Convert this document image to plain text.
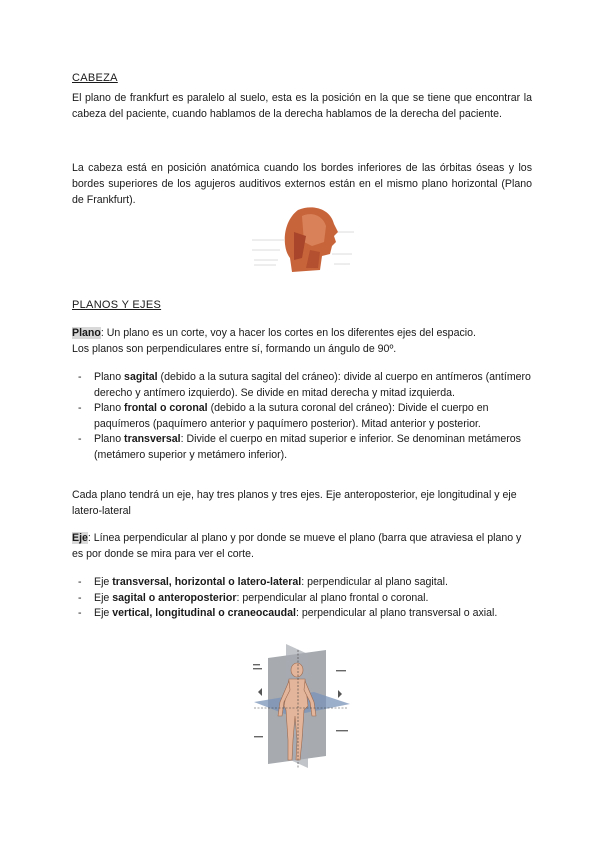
CABEZA

El plano de frankfurt es paralelo al suelo, esta es la posición en la que se tiene que encontrar la cabeza del paciente, cuando hablamos de la derecha hablamos de la derecha del paciente.

La cabeza está en posición anatómica cuando los bordes inferiores de las órbitas óseas y los bordes superiores de los agujeros auditivos externos están en el mismo plano horizontal (Plano de Frankfurt).

PLANOS Y EJES
Plano: Un plano es un corte, voy a hacer los cortes en los diferentes ejes del espacio.
Los planos son perpendiculares entre sí, formando un ángulo de 90º.
- Plano sagital (debido a la sutura sagital del cráneo): divide al cuerpo en antímeros (antímero derecho y antímero izquierdo). Se divide en mitad derecha y mitad izquierda.
- Plano frontal o coronal (debido a la sutura coronal del cráneo): Divide el cuerpo en paquímeros (paquímero anterior y paquímero posterior). Mitad anterior y posterior.
- Plano transversal: Divide el cuerpo en mitad superior e inferior. Se denominan metámeros (metámero superior y metámero inferior).

Cada plano tendrá un eje, hay tres planos y tres ejes. Eje anteroposterior, eje longitudinal y eje latero-lateral

Eje: Línea perpendicular al plano y por donde se mueve el plano (barra que atraviesa el plano y es por donde se mira para ver el corte.
- Eje transversal, horizontal o latero-lateral: perpendicular al plano sagital.
- Eje sagital o anteroposterior: perpendicular al plano frontal o coronal.
- Eje vertical, longitudinal o craneocaudal: perpendicular al plano transversal o axial.
